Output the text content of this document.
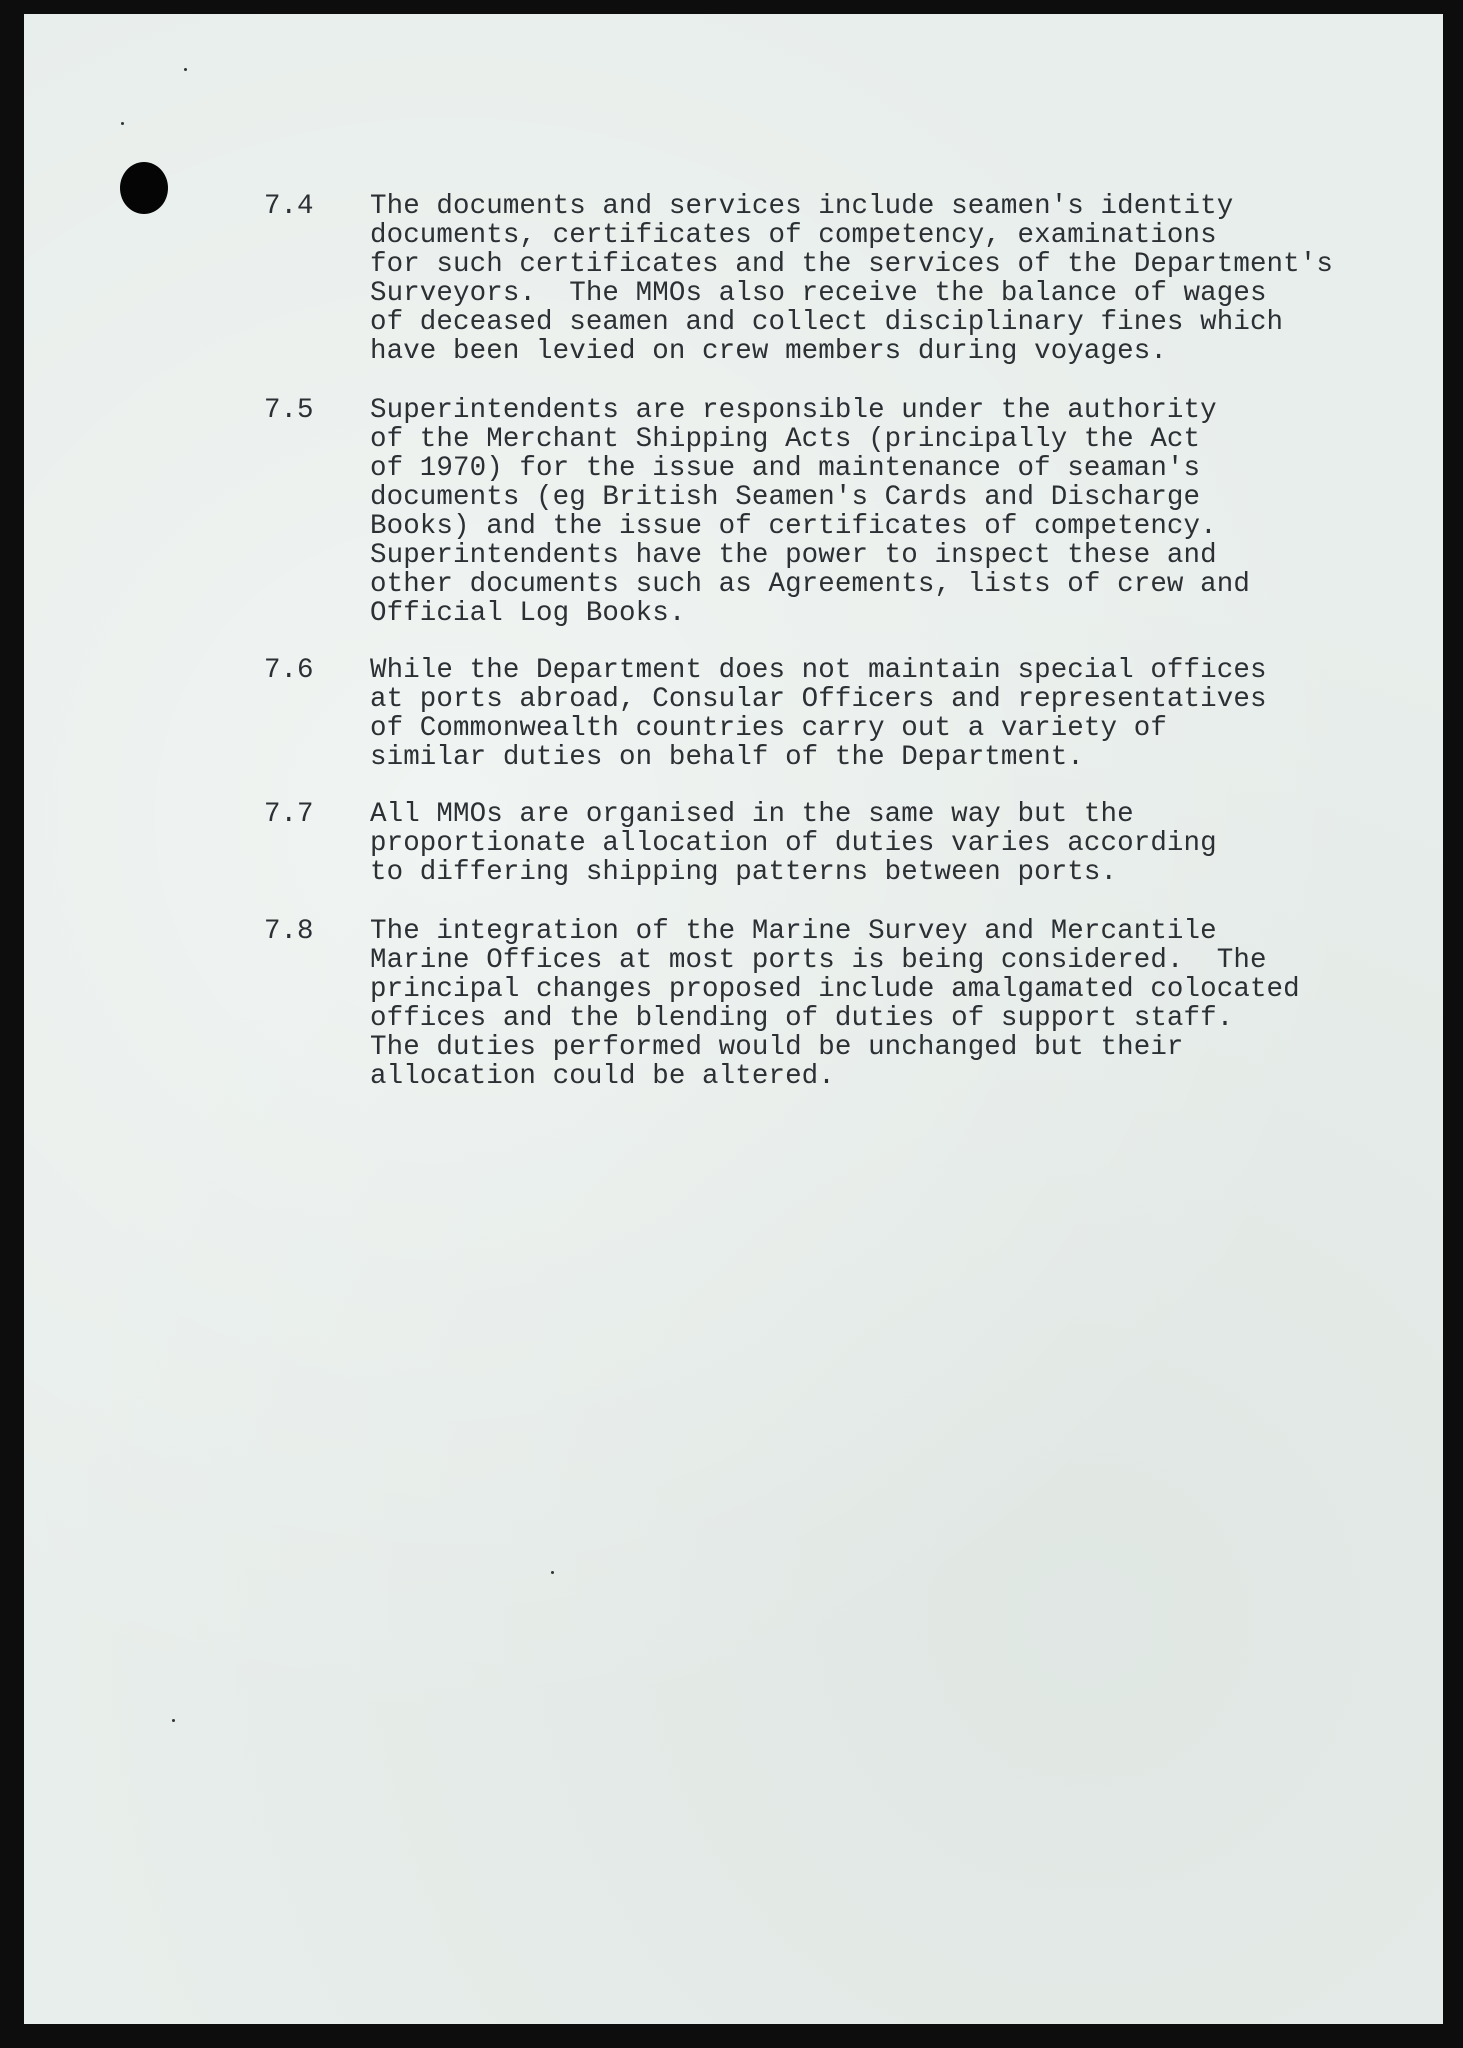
7.4	The documents and services include seamen's identity
documents, certificates of competency, examinations
for such certificates and the services of the Department's
Surveyors.  The MMOs also receive the balance of wages
of deceased seamen and collect disciplinary fines which
have been levied on crew members during voyages.
7.5	Superintendents are responsible under the authority
of the Merchant Shipping Acts (principally the Act
of 1970) for the issue and maintenance of seaman's
documents (eg British Seamen's Cards and Discharge
Books) and the issue of certificates of competency.
Superintendents have the power to inspect these and
other documents such as Agreements, lists of crew and
Official Log Books.
7.6	While the Department does not maintain special offices
at ports abroad, Consular Officers and representatives
of Commonwealth countries carry out a variety of
similar duties on behalf of the Department.
7.7	All MMOs are organised in the same way but the
proportionate allocation of duties varies according
to differing shipping patterns between ports.
7.8	The integration of the Marine Survey and Mercantile
Marine Offices at most ports is being considered.  The
principal changes proposed include amalgamated colocated
offices and the blending of duties of support staff.
The duties performed would be unchanged but their
allocation could be altered.
